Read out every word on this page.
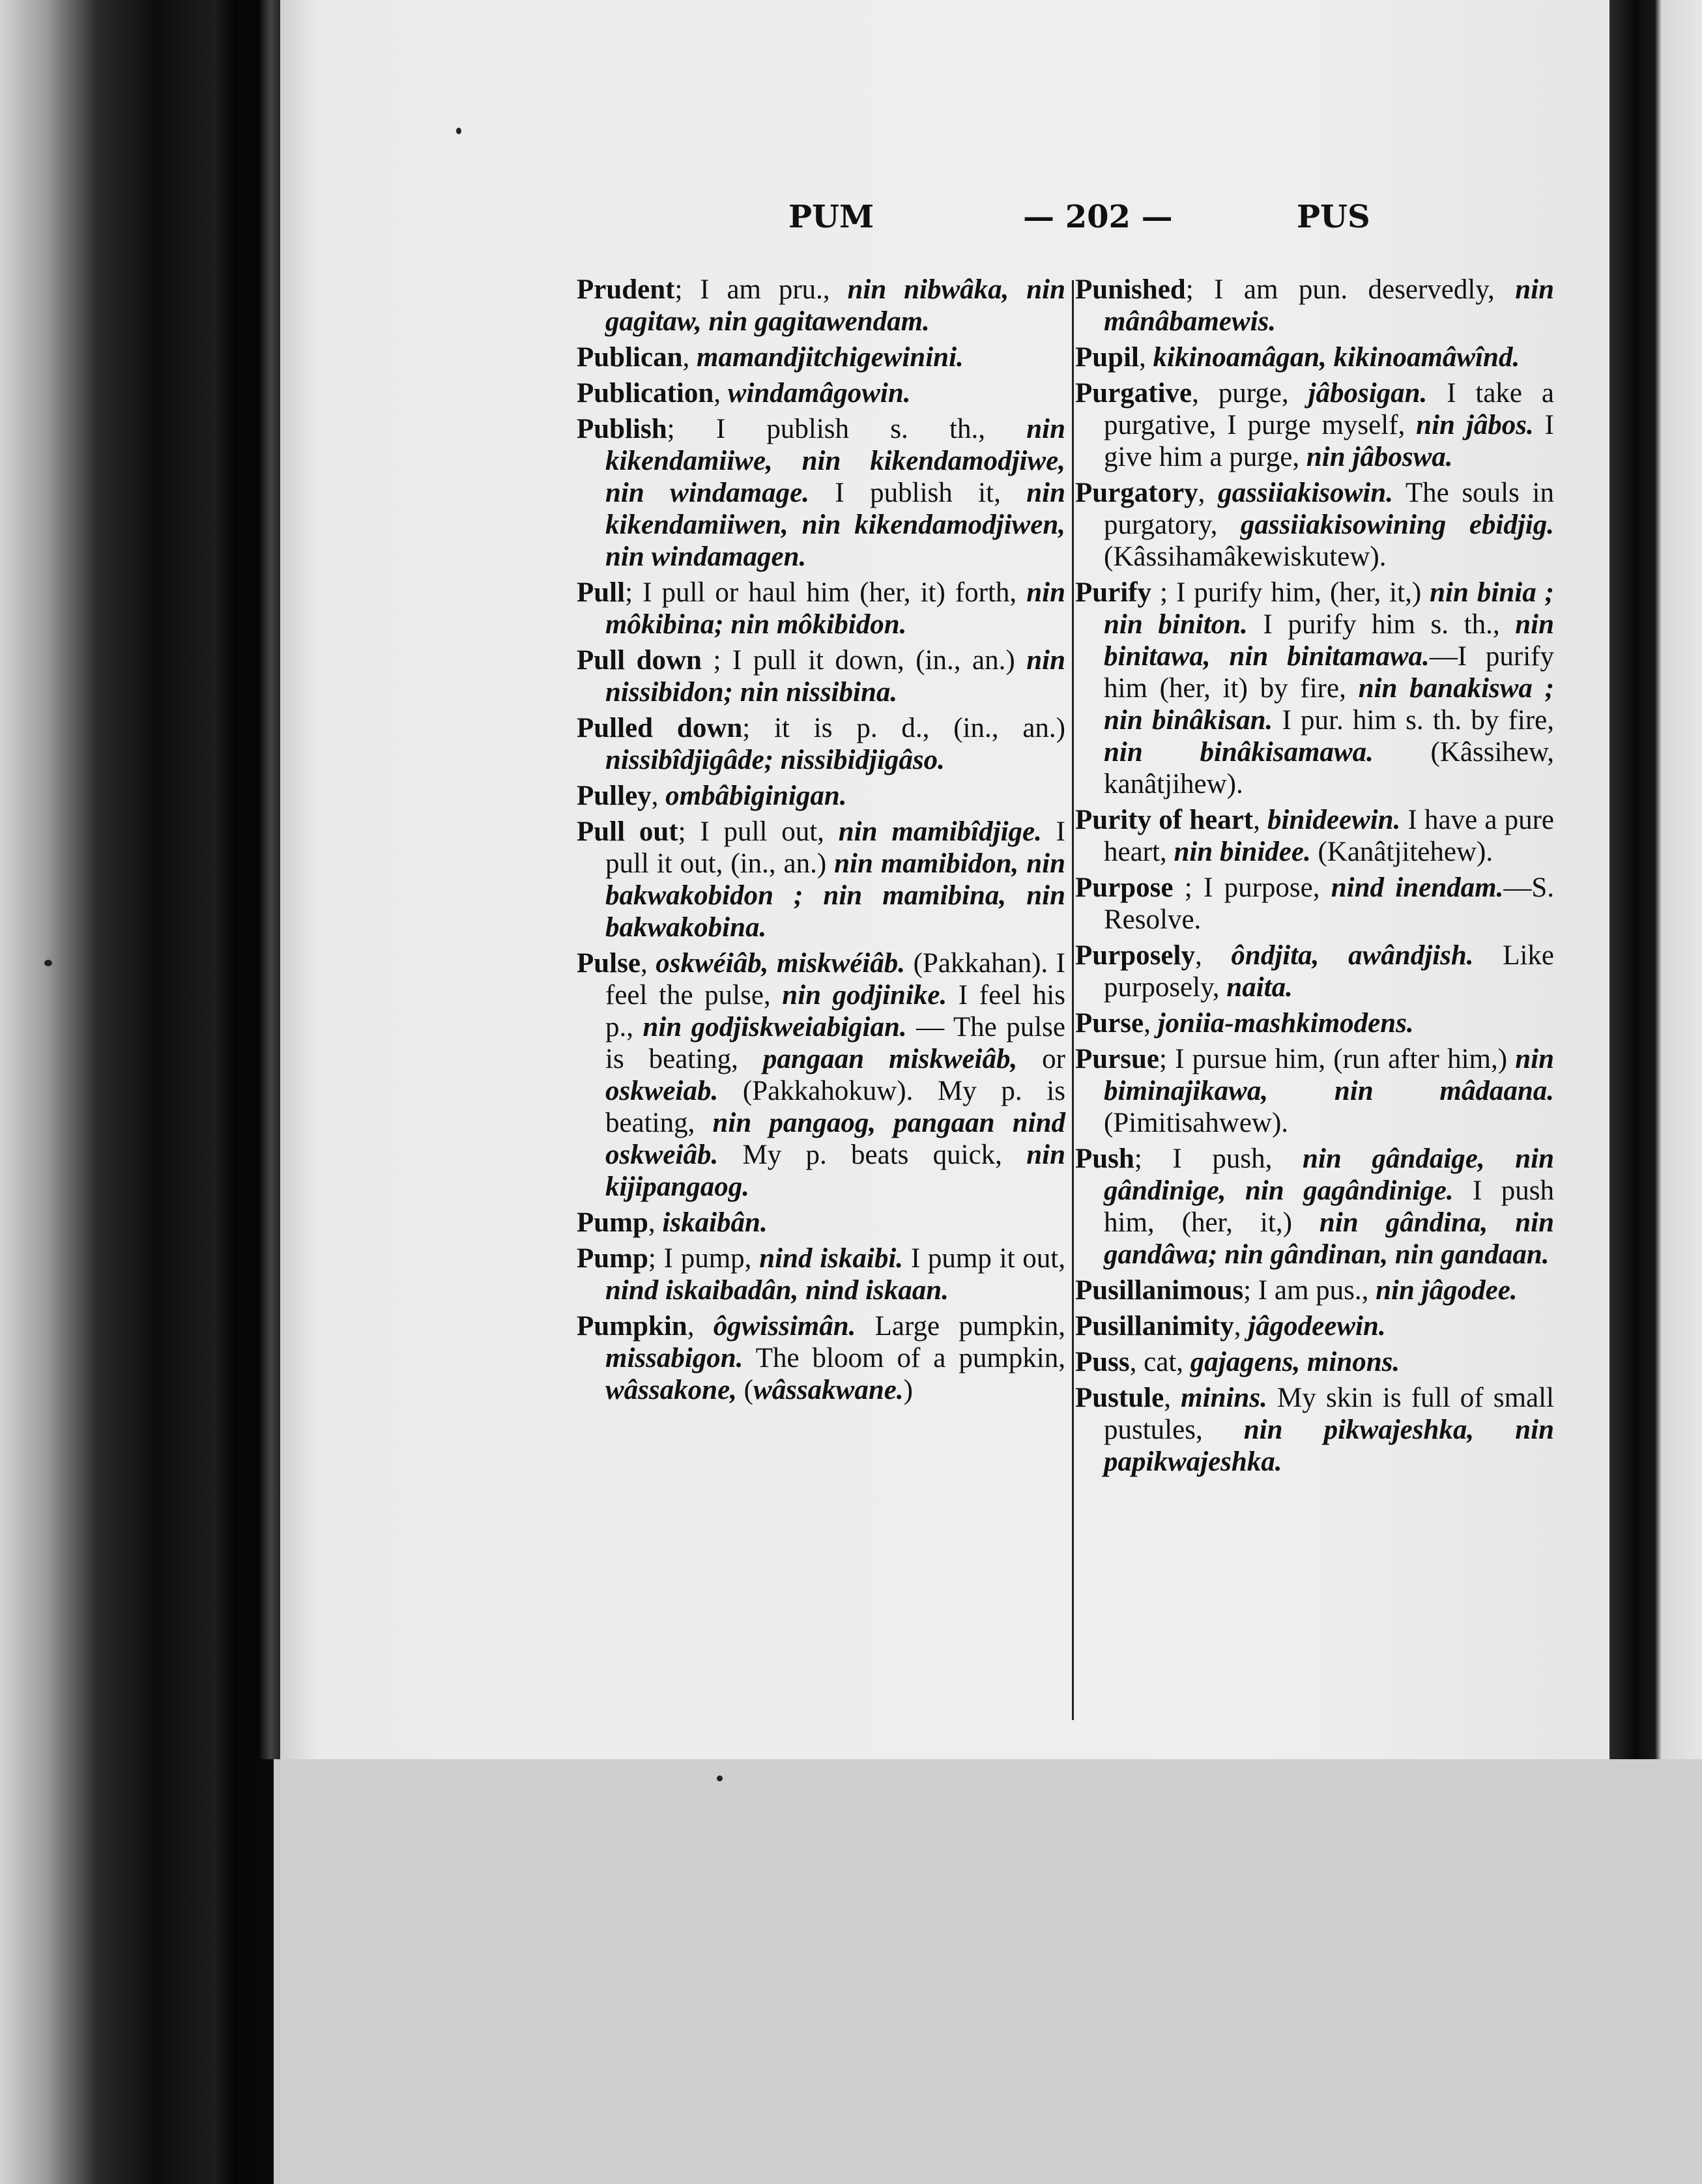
PUM	— 202 —	PUS

Prudent; I am pru., nin nibwâka, nin gagitaw, nin gagitawendam.

Publican, mamandjitchigewinini.

Publication, windamâgowin.

Publish; I publish s. th., nin kikendamiiwe, nin kikendamodjiwe, nin windamage. I publish it, nin kikendamiiwen, nin kikendamodjiwen, nin windamagen.

Pull; I pull or haul him (her, it) forth, nin môkibina; nin môkibidon.

Pull down ; I pull it down, (in., an.) nin nissibidon; nin nissibina.

Pulled down; it is p. d., (in., an.) nissibîdjigâde; nissibidjigâso.

Pulley, ombâbiginigan.

Pull out; I pull out, nin mamibîdjige. I pull it out, (in., an.) nin mamibidon, nin bakwakobidon ; nin mamibina, nin bakwakobina.

Pulse, oskwéiâb, miskwéiâb. (Pakkahan). I feel the pulse, nin godjinike. I feel his p., nin godjiskweiabigian. — The pulse is beating, pangaan miskweiâb, or oskweiab. (Pakkahokuw). My p. is beating, nin pangaog, pangaan nind oskweiâb. My p. beats quick, nin kijipangaog.

Pump, iskaibân.

Pump; I pump, nind iskaibi. I pump it out, nind iskaibadân, nind iskaan.

Pumpkin, ôgwissimân. Large pumpkin, missabigon. The bloom of a pumpkin, wâssakone, (wâssakwane.)

Punished; I am pun. deservedly, nin mânâbamewis.

Pupil, kikinoamâgan, kikinoamâwînd.

Purgative, purge, jâbosigan. I take a purgative, I purge myself, nin jâbos. I give him a purge, nin jâboswa.

Purgatory, gassiiakisowin. The souls in purgatory, gassiiakisowining ebidjig. (Kâssihamâkewiskutew).

Purify ; I purify him, (her, it,) nin binia ; nin biniton. I purify him s. th., nin binitawa, nin binitamawa.—I purify him (her, it) by fire, nin banakiswa ; nin binâkisan. I pur. him s. th. by fire, nin binâkisamawa. (Kâssihew, kanâtjihew).

Purity of heart, binideewin. I have a pure heart, nin binidee. (Kanâtjitehew).

Purpose ; I purpose, nind inendam.—S. Resolve.

Purposely, ôndjita, awândjish. Like purposely, naita.

Purse, joniia-mashkimodens.

Pursue; I pursue him, (run after him,) nin biminajikawa, nin mâdaana. (Pimitisahwew).

Push; I push, nin gândaige, nin gândinige, nin gagândinige. I push him, (her, it,) nin gândina, nin gandâwa; nin gândinan, nin gandaan.

Pusillanimous; I am pus., nin jâgodee.

Pusillanimity, jâgodeewin.

Puss, cat, gajagens, minons.

Pustule, minins. My skin is full of small pustules, nin pikwajeshka, nin papikwajeshka.
